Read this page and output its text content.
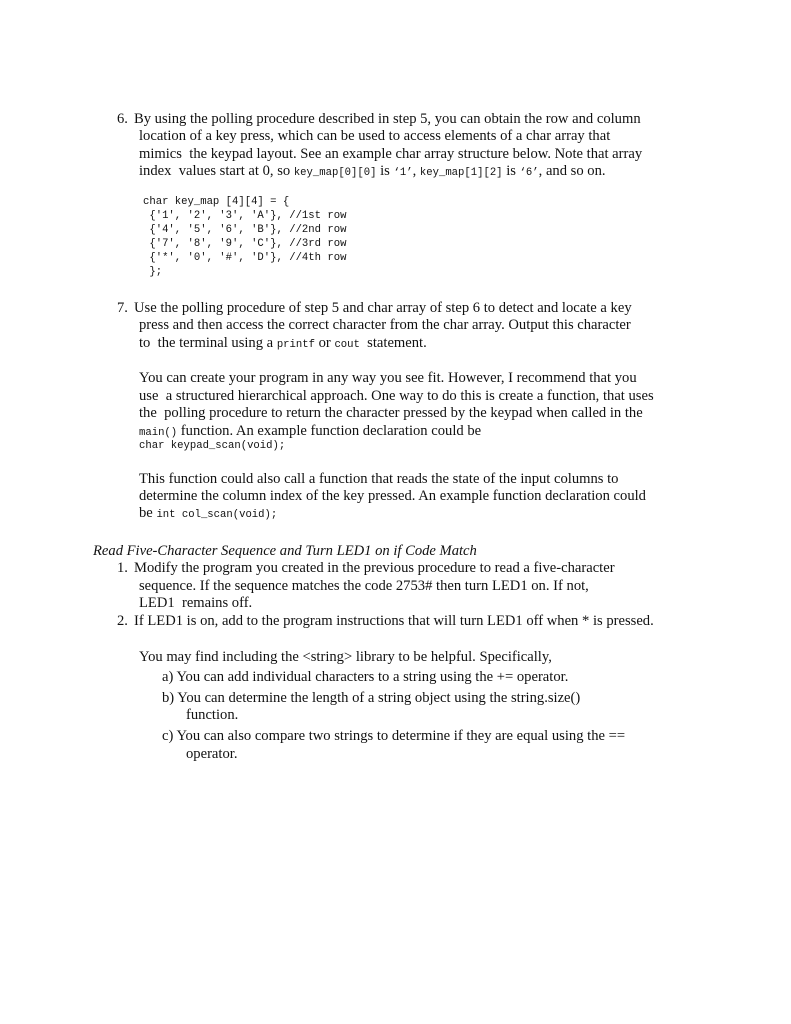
6. By using the polling procedure described in step 5, you can obtain the row and column
location of a key press, which can be used to access elements of a char array that
mimics  the keypad layout. See an example char array structure below. Note that array
index  values start at 0, so key_map[0][0] is ‘1’, key_map[1][2] is ‘6’, and so on.
char key_map [4][4] = {
{'1', '2', '3', 'A'}, //1st row
{'4', '5', '6', 'B'}, //2nd row
{'7', '8', '9', 'C'}, //3rd row
{'*', '0', '#', 'D'}, //4th row
};
7. Use the polling procedure of step 5 and char array of step 6 to detect and locate a key
press and then access the correct character from the char array. Output this character
to  the terminal using a printf or cout  statement.
You can create your program in any way you see fit. However, I recommend that you
use  a structured hierarchical approach. One way to do this is create a function, that uses
the  polling procedure to return the character pressed by the keypad when called in the
main() function. An example function declaration could be
char keypad_scan(void);
This function could also call a function that reads the state of the input columns to
determine the column index of the key pressed. An example function declaration could
be int col_scan(void);
Read Five-Character Sequence and Turn LED1 on if Code Match
1. Modify the program you created in the previous procedure to read a five-character
sequence. If the sequence matches the code 2753# then turn LED1 on. If not,
LED1  remains off.
2. If LED1 is on, add to the program instructions that will turn LED1 off when * is pressed.
You may find including the <string> library to be helpful. Specifically,
a) You can add individual characters to a string using the += operator.
b) You can determine the length of a string object using the string.size()
function.
c) You can also compare two strings to determine if they are equal using the ==
operator.
